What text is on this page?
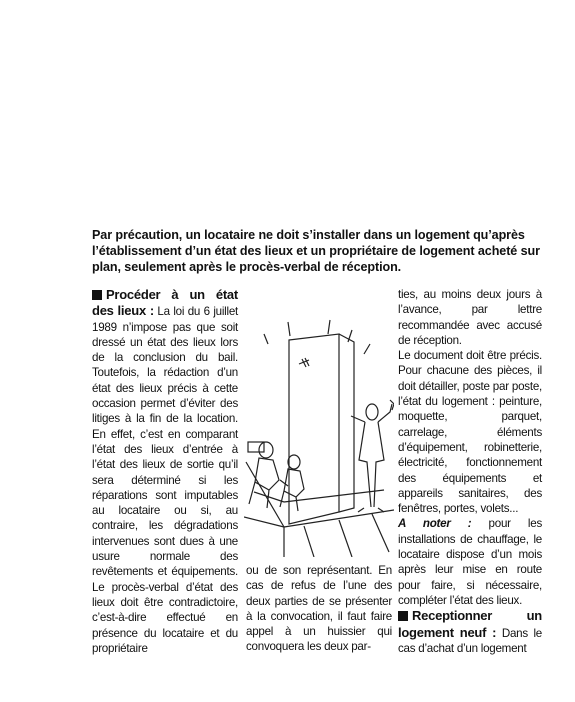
Par précaution, un locataire ne doit s’installer dans un logement qu’après l’établissement d’un état des lieux et un propriétaire de logement acheté sur plan, seulement après le procès-verbal de réception.

Procéder à un état des lieux : La loi du 6 juillet 1989 n’impose pas que soit dressé un état des lieux lors de la conclusion du bail. Toutefois, la rédaction d’un état des lieux précis à cette occasion permet d’éviter des litiges à la fin de la location. En effet, c’est en comparant l’état des lieux d’entrée à l’état des lieux de sortie qu’il sera déterminé si les réparations sont imputables au locataire ou si, au contraire, les dégradations intervenues sont dues à une usure normale des revêtements et équipements. Le procès-verbal d’état des lieux doit être contradictoire, c’est-à-dire effectué en présence du locataire et du propriétaire

ou de son représentant. En cas de refus de l’une des deux parties de se présenter à la convocation, il faut faire appel à un huissier qui convoquera les deux par-

ties, au moins deux jours à l’avance, par lettre recommandée avec accusé de réception.

Le document doit être précis. Pour chacune des pièces, il doit détailler, poste par poste, l’état du logement : peinture, moquette, parquet, carrelage, éléments d’équipement, robinetterie, électricité, fonctionnement des équipements et appareils sanitaires, des fenêtres, portes, volets...

A noter : pour les installations de chauffage, le locataire dispose d’un mois après leur mise en route pour faire, si nécessaire, compléter l’état des lieux.

Receptionner un logement neuf : Dans le cas d’achat d’un logement
